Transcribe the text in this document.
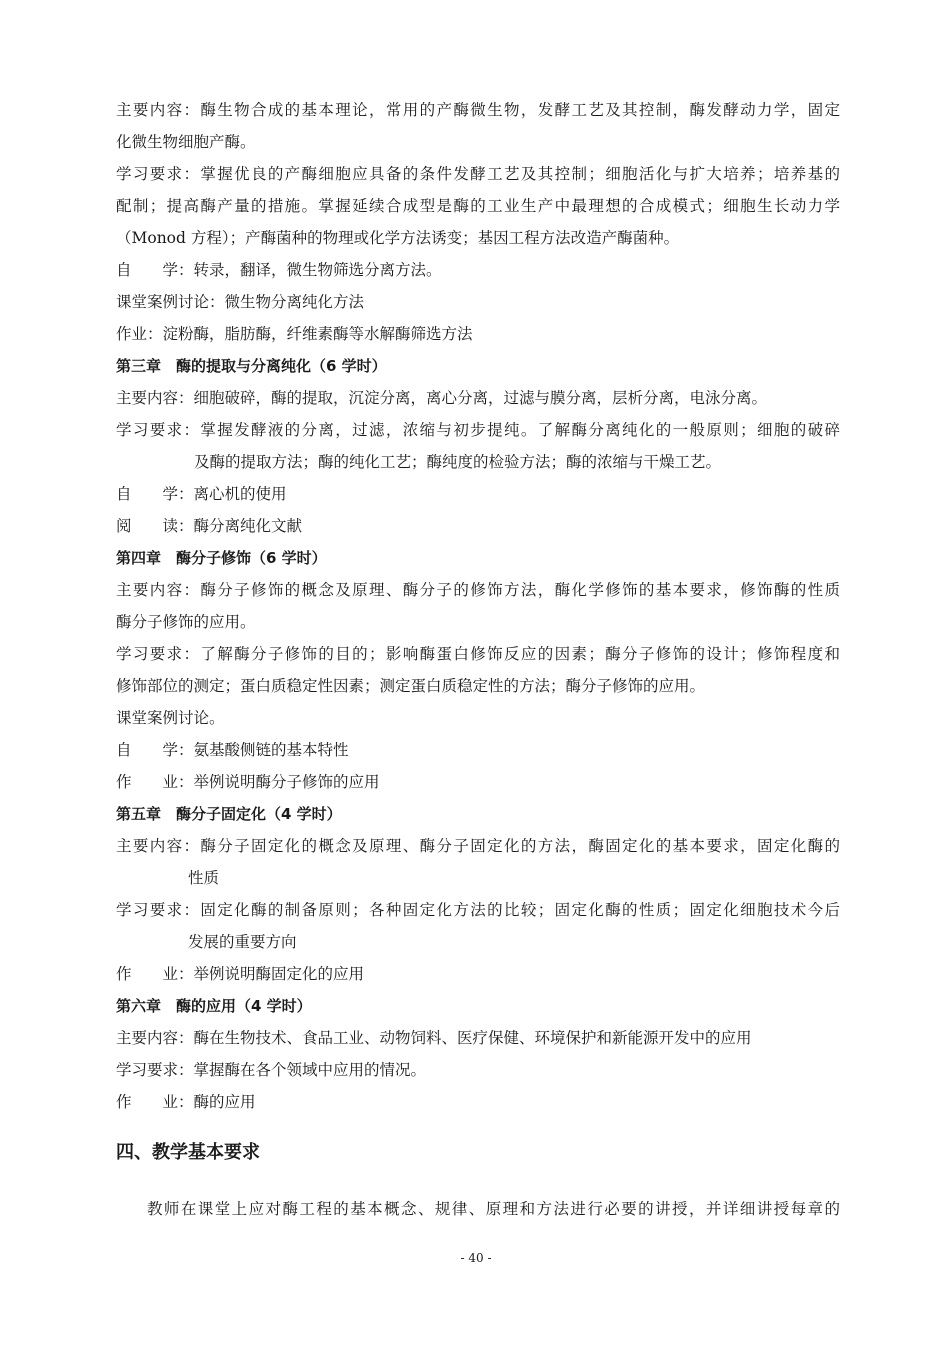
主要内容：酶生物合成的基本理论，常用的产酶微生物，发酵工艺及其控制，酶发酵动力学，固定
化微生物细胞产酶。
学习要求：掌握优良的产酶细胞应具备的条件发酵工艺及其控制；细胞活化与扩大培养；培养基的
配制；提高酶产量的措施。掌握延续合成型是酶的工业生产中最理想的合成模式；细胞生长动力学
（Monod 方程）；产酶菌种的物理或化学方法诱变；基因工程方法改造产酶菌种。
自　　学：转录，翻译，微生物筛选分离方法。
课堂案例讨论：微生物分离纯化方法
作业：淀粉酶，脂肪酶，纤维素酶等水解酶筛选方法
第三章　酶的提取与分离纯化（6 学时）
主要内容：细胞破碎，酶的提取，沉淀分离，离心分离，过滤与膜分离，层析分离，电泳分离。
学习要求：掌握发酵液的分离，过滤，浓缩与初步提纯。了解酶分离纯化的一般原则；细胞的破碎
及酶的提取方法；酶的纯化工艺；酶纯度的检验方法；酶的浓缩与干燥工艺。
自　　学：离心机的使用
阅　　读：酶分离纯化文献
第四章　酶分子修饰（6 学时）
主要内容：酶分子修饰的概念及原理、酶分子的修饰方法，酶化学修饰的基本要求，修饰酶的性质
酶分子修饰的应用。
学习要求：了解酶分子修饰的目的；影响酶蛋白修饰反应的因素；酶分子修饰的设计；修饰程度和
修饰部位的测定；蛋白质稳定性因素；测定蛋白质稳定性的方法；酶分子修饰的应用。
课堂案例讨论。
自　　学：氨基酸侧链的基本特性
作　　业：举例说明酶分子修饰的应用
第五章　酶分子固定化（4 学时）
主要内容：酶分子固定化的概念及原理、酶分子固定化的方法，酶固定化的基本要求，固定化酶的
性质
学习要求：固定化酶的制备原则；各种固定化方法的比较；固定化酶的性质；固定化细胞技术今后
发展的重要方向
作　　业：举例说明酶固定化的应用
第六章　酶的应用（4 学时）
主要内容：酶在生物技术、食品工业、动物饲料、医疗保健、环境保护和新能源开发中的应用
学习要求：掌握酶在各个领域中应用的情况。
作　　业：酶的应用
四、教学基本要求
教师在课堂上应对酶工程的基本概念、规律、原理和方法进行必要的讲授，并详细讲授每章的
- 40 -
